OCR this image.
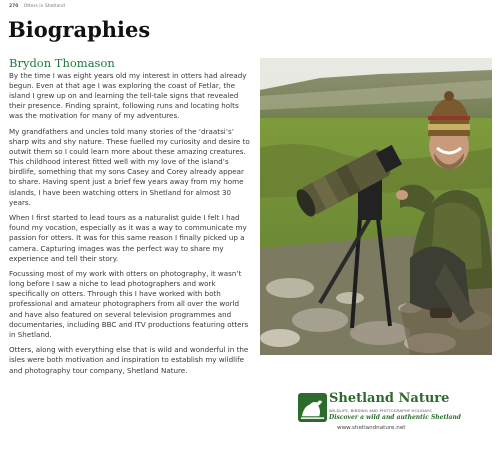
270 Otters in Shetland
Biographies
Brydon Thomason

By the time I was eight years old my interest in otters had already begun. Even at that age I was exploring the coast of Fetlar, the island I grew up on and learning the tell-tale signs that revealed their presence. Finding spraint, following runs and locating holts was the motivation for many of my adventures.

My grandfathers and uncles told many stories of the ‘draatsi’s’ sharp wits and shy nature. These fuelled my curiosity and desire to outwit them so I could learn more about these amazing creatures. This childhood interest fitted well with my love of the island’s birdlife, something that my sons Casey and Corey already appear to share. Having spent just a brief few years away from my home islands, I have been watching otters in Shetland for almost 30 years.

When I first started to lead tours as a naturalist guide I felt I had found my vocation, especially as it was a way to communicate my passion for otters. It was for this same reason I finally picked up a camera. Capturing images was the perfect way to share my experience and tell their story.

Focussing most of my work with otters on photography, it wasn’t long before I saw a niche to lead photographers and work specifically on otters. Through this I have worked with both professional and amateur photographers from all over the world and have also featured on several television programmes and documentaries, including BBC and ITV productions featuring otters in Shetland.

Otters, along with everything else that is wild and wonderful in the isles were both motivation and inspiration to establish my wildlife and photography tour company, Shetland Nature.

Shetland Nature
WILDLIFE, BIRDING AND PHOTOGRAPHY HOLIDAYS
Discover a wild and authentic Shetland
www.shetlandnature.net
